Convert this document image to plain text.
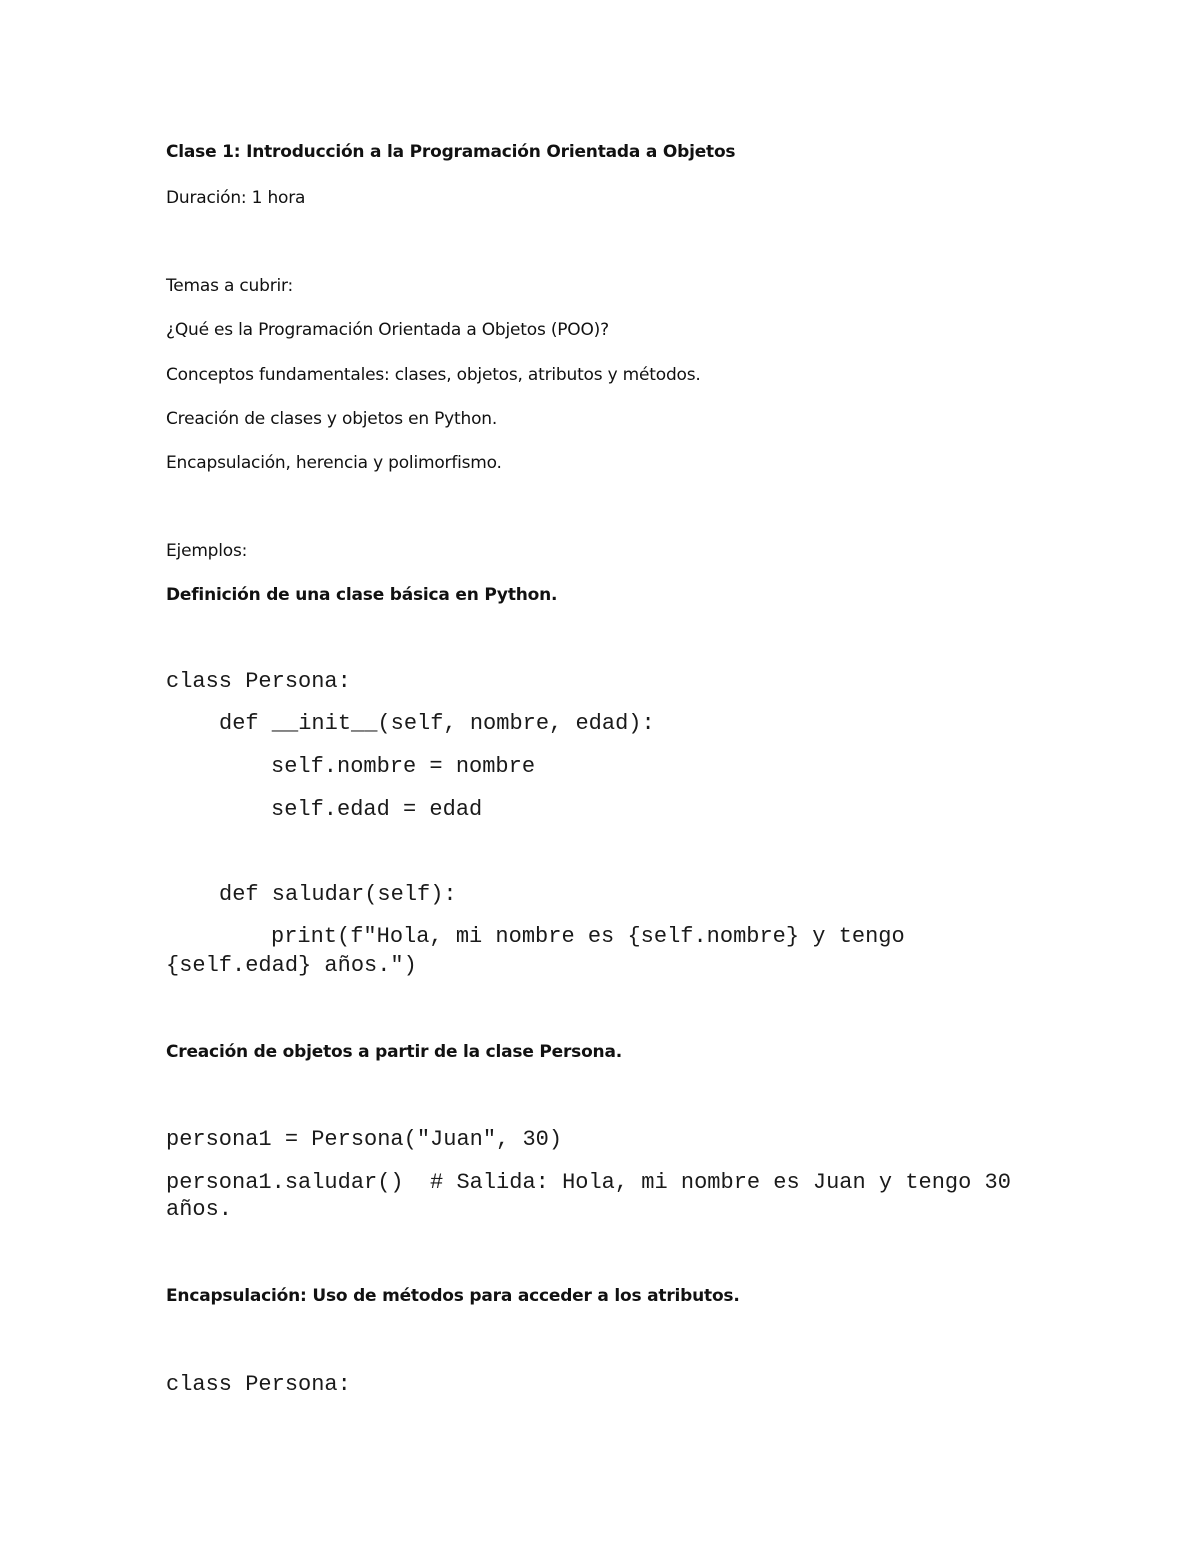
Clase 1: Introducción a la Programación Orientada a Objetos
Duración: 1 hora
Temas a cubrir:
¿Qué es la Programación Orientada a Objetos (POO)?
Conceptos fundamentales: clases, objetos, atributos y métodos.
Creación de clases y objetos en Python.
Encapsulación, herencia y polimorfismo.
Ejemplos:
Definición de una clase básica en Python.
class Persona:
def __init__(self, nombre, edad):
self.nombre = nombre
self.edad = edad
def saludar(self):
print(f"Hola, mi nombre es {self.nombre} y tengo
{self.edad} años.")
Creación de objetos a partir de la clase Persona.
persona1 = Persona("Juan", 30)
persona1.saludar()  # Salida: Hola, mi nombre es Juan y tengo 30
años.
Encapsulación: Uso de métodos para acceder a los atributos.
class Persona:
